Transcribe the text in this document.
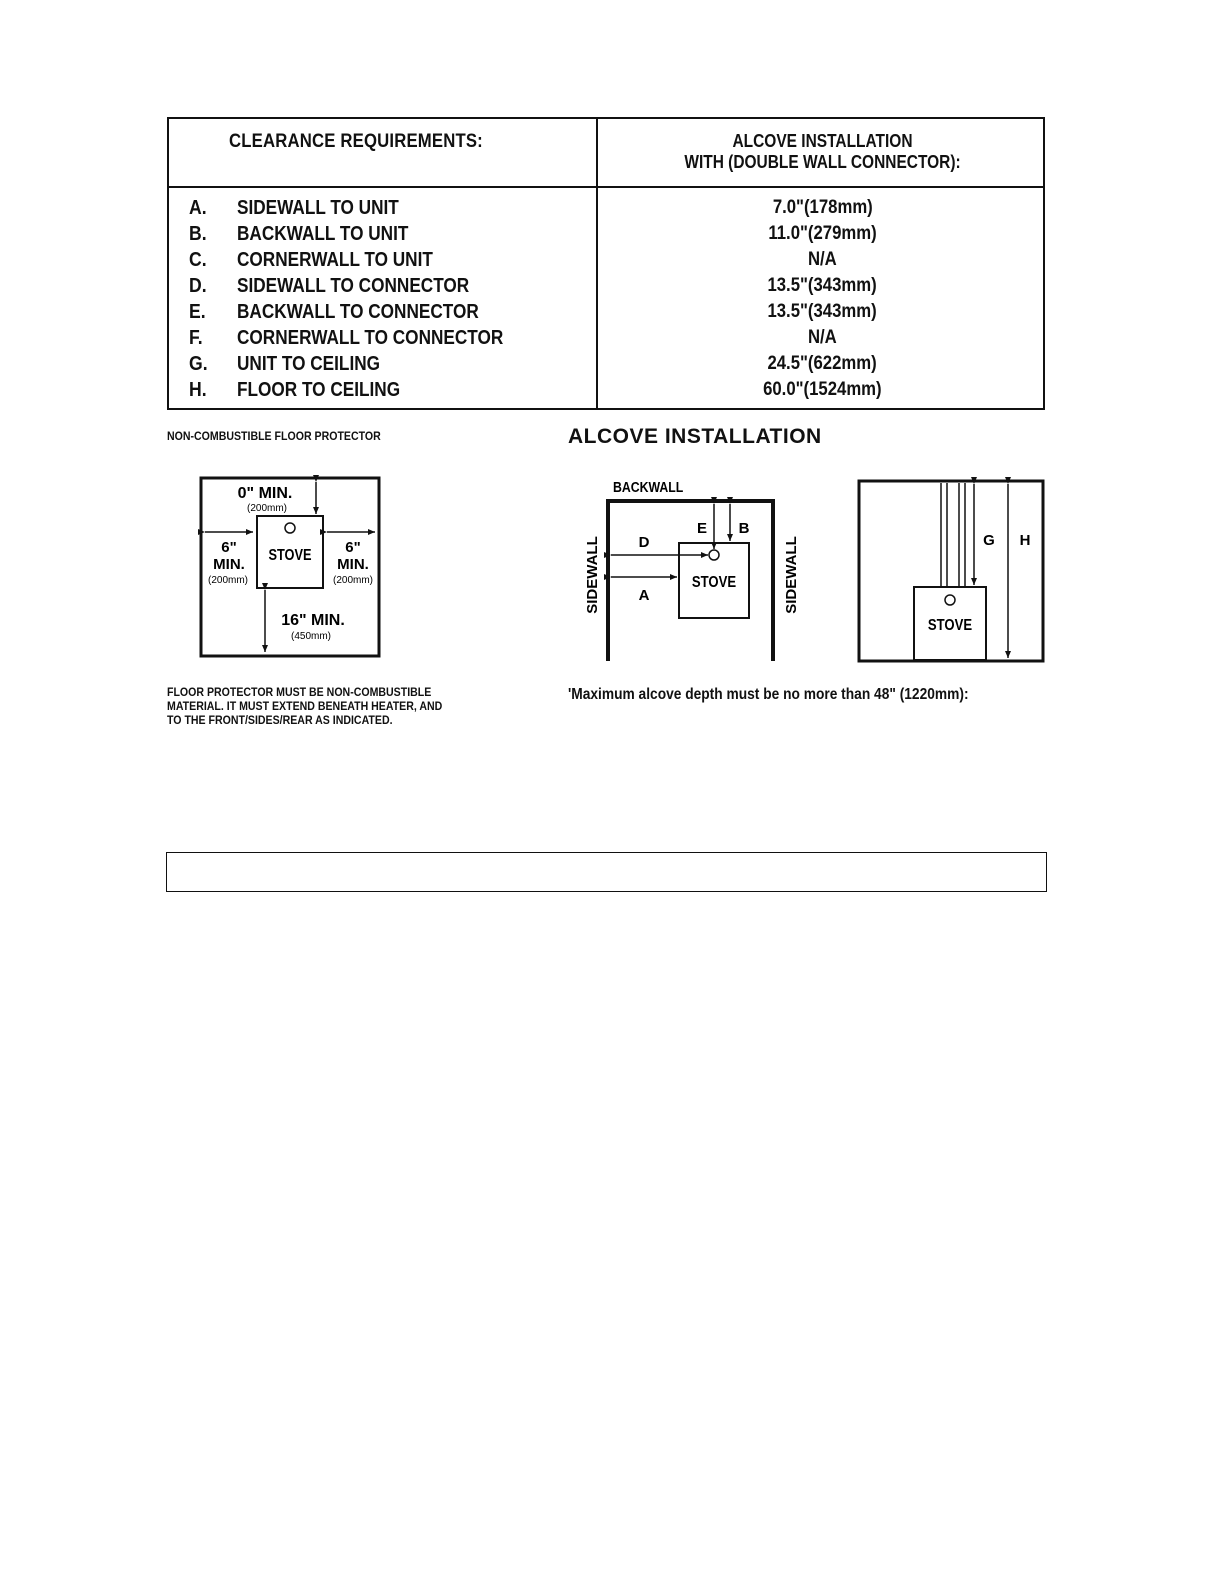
CLEARANCE REQUIREMENTS:	ALCOVE INSTALLATION
WITH (DOUBLE WALL CONNECTOR):
A. SIDEWALL TO UNIT	7.0"(178mm)
B. BACKWALL TO UNIT	11.0"(279mm)
C. CORNERWALL TO UNIT	N/A
D. SIDEWALL TO CONNECTOR	13.5"(343mm)
E. BACKWALL TO CONNECTOR	13.5"(343mm)
F. CORNERWALL TO CONNECTOR	N/A
G. UNIT TO CEILING	24.5"(622mm)
H. FLOOR TO CEILING	60.0"(1524mm)
NON-COMBUSTIBLE FLOOR PROTECTOR
STOVE
0" MIN.
(200mm)
6"
MIN.
(200mm)
6"
MIN.
(200mm)
16" MIN.
(450mm)
FLOOR PROTECTOR MUST BE NON-COMBUSTIBLE
MATERIAL. IT MUST EXTEND BENEATH HEATER, AND
TO THE FRONT/SIDES/REAR AS INDICATED.
ALCOVE INSTALLATION
BACKWALL
SIDEWALL	SIDEWALL
STOVE
D
A
E B
STOVE
G H
'Maximum alcove depth must be no more than 48" (1220mm):
